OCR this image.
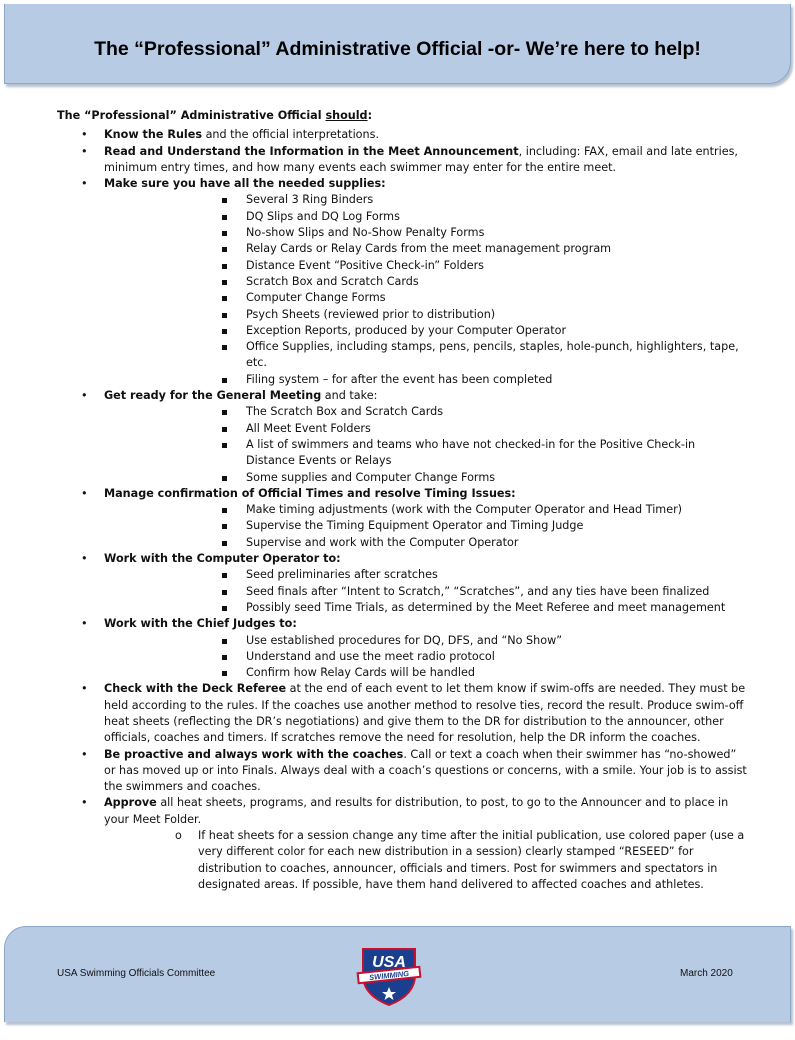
The “Professional” Administrative Official -or- We’re here to help!

The “Professional” Administrative Official should:

• Know the Rules and the official interpretations.
• Read and Understand the Information in the Meet Announcement, including: FAX, email and late entries, minimum entry times, and how many events each swimmer may enter for the entire meet.
• Make sure you have all the needed supplies:
Several 3 Ring Binders
DQ Slips and DQ Log Forms
No-show Slips and No-Show Penalty Forms
Relay Cards or Relay Cards from the meet management program
Distance Event “Positive Check-in” Folders
Scratch Box and Scratch Cards
Computer Change Forms
Psych Sheets (reviewed prior to distribution)
Exception Reports, produced by your Computer Operator
Office Supplies, including stamps, pens, pencils, staples, hole-punch, highlighters, tape, etc.
Filing system – for after the event has been completed
• Get ready for the General Meeting and take:
The Scratch Box and Scratch Cards
All Meet Event Folders
A list of swimmers and teams who have not checked-in for the Positive Check-in Distance Events or Relays
Some supplies and Computer Change Forms
• Manage confirmation of Official Times and resolve Timing Issues:
Make timing adjustments (work with the Computer Operator and Head Timer)
Supervise the Timing Equipment Operator and Timing Judge
Supervise and work with the Computer Operator
• Work with the Computer Operator to:
Seed preliminaries after scratches
Seed finals after “Intent to Scratch,” “Scratches”, and any ties have been finalized
Possibly seed Time Trials, as determined by the Meet Referee and meet management
• Work with the Chief Judges to:
Use established procedures for DQ, DFS, and “No Show”
Understand and use the meet radio protocol
Confirm how Relay Cards will be handled
• Check with the Deck Referee at the end of each event to let them know if swim-offs are needed. They must be held according to the rules. If the coaches use another method to resolve ties, record the result. Produce swim-off heat sheets (reflecting the DR’s negotiations) and give them to the DR for distribution to the announcer, other officials, coaches and timers. If scratches remove the need for resolution, help the DR inform the coaches.
• Be proactive and always work with the coaches. Call or text a coach when their swimmer has “no-showed” or has moved up or into Finals. Always deal with a coach’s questions or concerns, with a smile. Your job is to assist the swimmers and coaches.
• Approve all heat sheets, programs, and results for distribution, to post, to go to the Announcer and to place in your Meet Folder.
o If heat sheets for a session change any time after the initial publication, use colored paper (use a very different color for each new distribution in a session) clearly stamped “RESEED” for distribution to coaches, announcer, officials and timers. Post for swimmers and spectators in designated areas. If possible, have them hand delivered to affected coaches and athletes.
USA Swimming Officials Committee	March 2020
USA
SWIMMING
